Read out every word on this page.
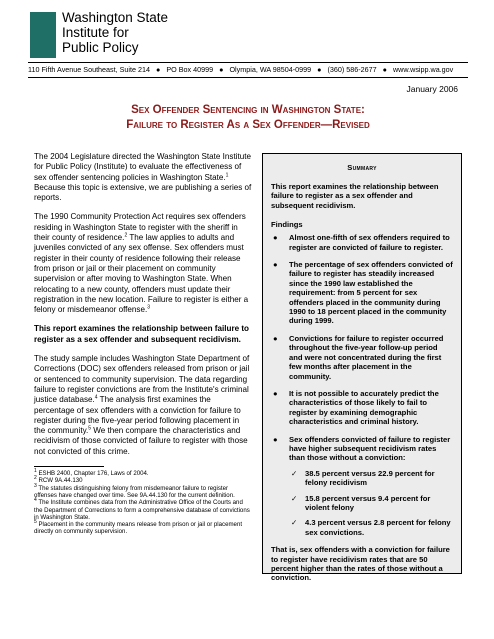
Washington State
Institute for
Public Policy
110 Fifth Avenue Southeast, Suite 214 ● PO Box 40999 ● Olympia, WA 98504-0999 ● (360) 586-2677 ● www.wsipp.wa.gov
January 2006
Sex Offender Sentencing in Washington State:
Failure to Register As a Sex Offender—Revised

The 2004 Legislature directed the Washington State Institute for Public Policy (Institute) to evaluate the effectiveness of sex offender sentencing policies in Washington State.$^1$ Because this topic is extensive, we are publishing a series of reports.

The 1990 Community Protection Act requires sex offenders residing in Washington State to register with the sheriff in their county of residence.$^2$ The law applies to adults and juveniles convicted of any sex offense. Sex offenders must register in their county of residence following their release from prison or jail or their placement on community supervision or after moving to Washington State. When relocating to a new county, offenders must update their registration in the new location. Failure to register is either a felony or misdemeanor offense.$^3$

This report examines the relationship between failure to register as a sex offender and subsequent recidivism.

The study sample includes Washington State Department of Corrections (DOC) sex offenders released from prison or jail or sentenced to community supervision. The data regarding failure to register convictions are from the Institute's criminal justice database.$^4$ The analysis first examines the percentage of sex offenders with a conviction for failure to register during the five-year period following placement in the community.$^5$ We then compare the characteristics and recidivism of those convicted of failure to register with those not convicted of this crime.

$^1$ ESHB 2400, Chapter 176, Laws of 2004.
$^2$ RCW 9A.44.130
$^3$ The statutes distinguishing felony from misdemeanor failure to register offenses have changed over time. See 9A.44.130 for the current definition.
$^4$ The Institute combines data from the Administrative Office of the Courts and the Department of Corrections to form a comprehensive database of convictions in Washington State.
$^5$ Placement in the community means release from prison or jail or placement directly on community supervision.
Summary
This report examines the relationship between failure to register as a sex offender and subsequent recidivism.
Findings
● Almost one-fifth of sex offenders required to register are convicted of failure to register.
● The percentage of sex offenders convicted of failure to register has steadily increased since the 1990 law established the requirement: from 5 percent for sex offenders placed in the community during 1990 to 18 percent placed in the community during 1999.
● Convictions for failure to register occurred throughout the five-year follow-up period and were not concentrated during the first few months after placement in the community.
● It is not possible to accurately predict the characteristics of those likely to fail to register by examining demographic characteristics and criminal history.
● Sex offenders convicted of failure to register have higher subsequent recidivism rates than those without a conviction:
✓ 38.5 percent versus 22.9 percent for felony recidivism
✓ 15.8 percent versus 9.4 percent for violent felony
✓ 4.3 percent versus 2.8 percent for felony sex convictions.
That is, sex offenders with a conviction for failure to register have recidivism rates that are 50 percent higher than the rates of those without a conviction.
